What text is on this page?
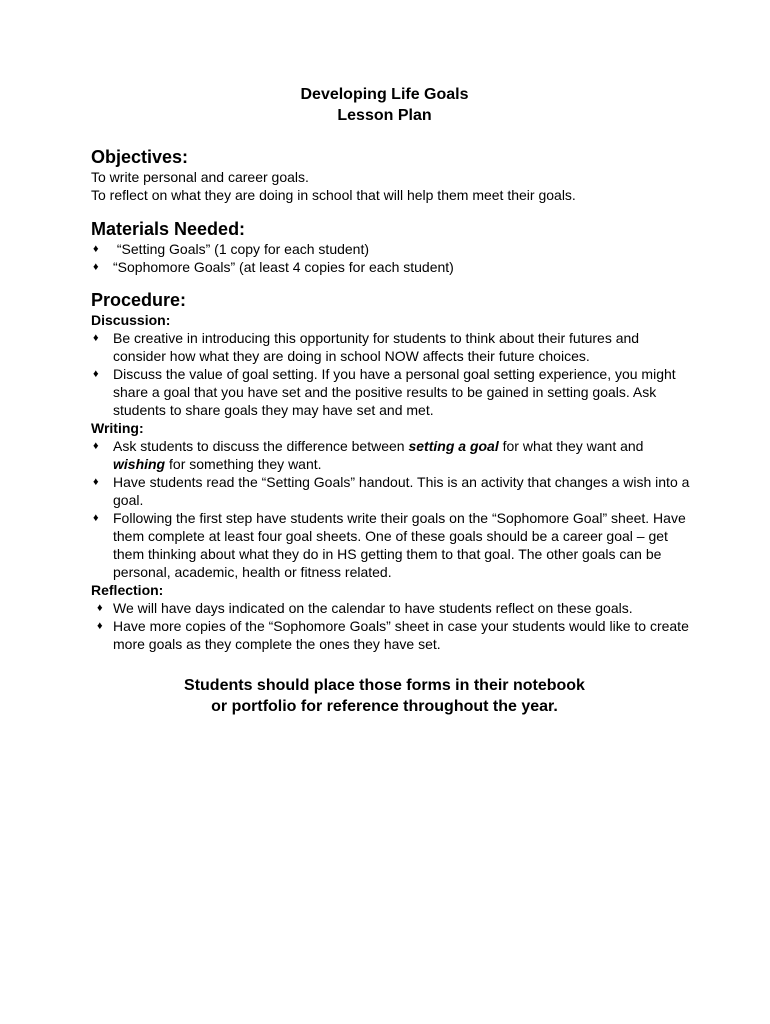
Developing Life Goals
Lesson Plan
Objectives:

To write personal and career goals.

To reflect on what they are doing in school that will help them meet their goals.

Materials Needed:
♦ “Setting Goals” (1 copy for each student)
♦ “Sophomore Goals” (at least 4 copies for each student)
Procedure:
Discussion:
♦ Be creative in introducing this opportunity for students to think about their futures and consider how what they are doing in school NOW affects their future choices.
♦ Discuss the value of goal setting. If you have a personal goal setting experience, you might share a goal that you have set and the positive results to be gained in setting goals. Ask students to share goals they may have set and met.
Writing:
♦ Ask students to discuss the difference between setting a goal for what they want and wishing for something they want.
♦ Have students read the “Setting Goals” handout. This is an activity that changes a wish into a goal.
♦ Following the first step have students write their goals on the “Sophomore Goal” sheet. Have them complete at least four goal sheets. One of these goals should be a career goal – get them thinking about what they do in HS getting them to that goal. The other goals can be personal, academic, health or fitness related.
Reflection:
♦ We will have days indicated on the calendar to have students reflect on these goals.
♦ Have more copies of the “Sophomore Goals” sheet in case your students would like to create more goals as they complete the ones they have set.
Students should place those forms in their notebook
or portfolio for reference throughout the year.
